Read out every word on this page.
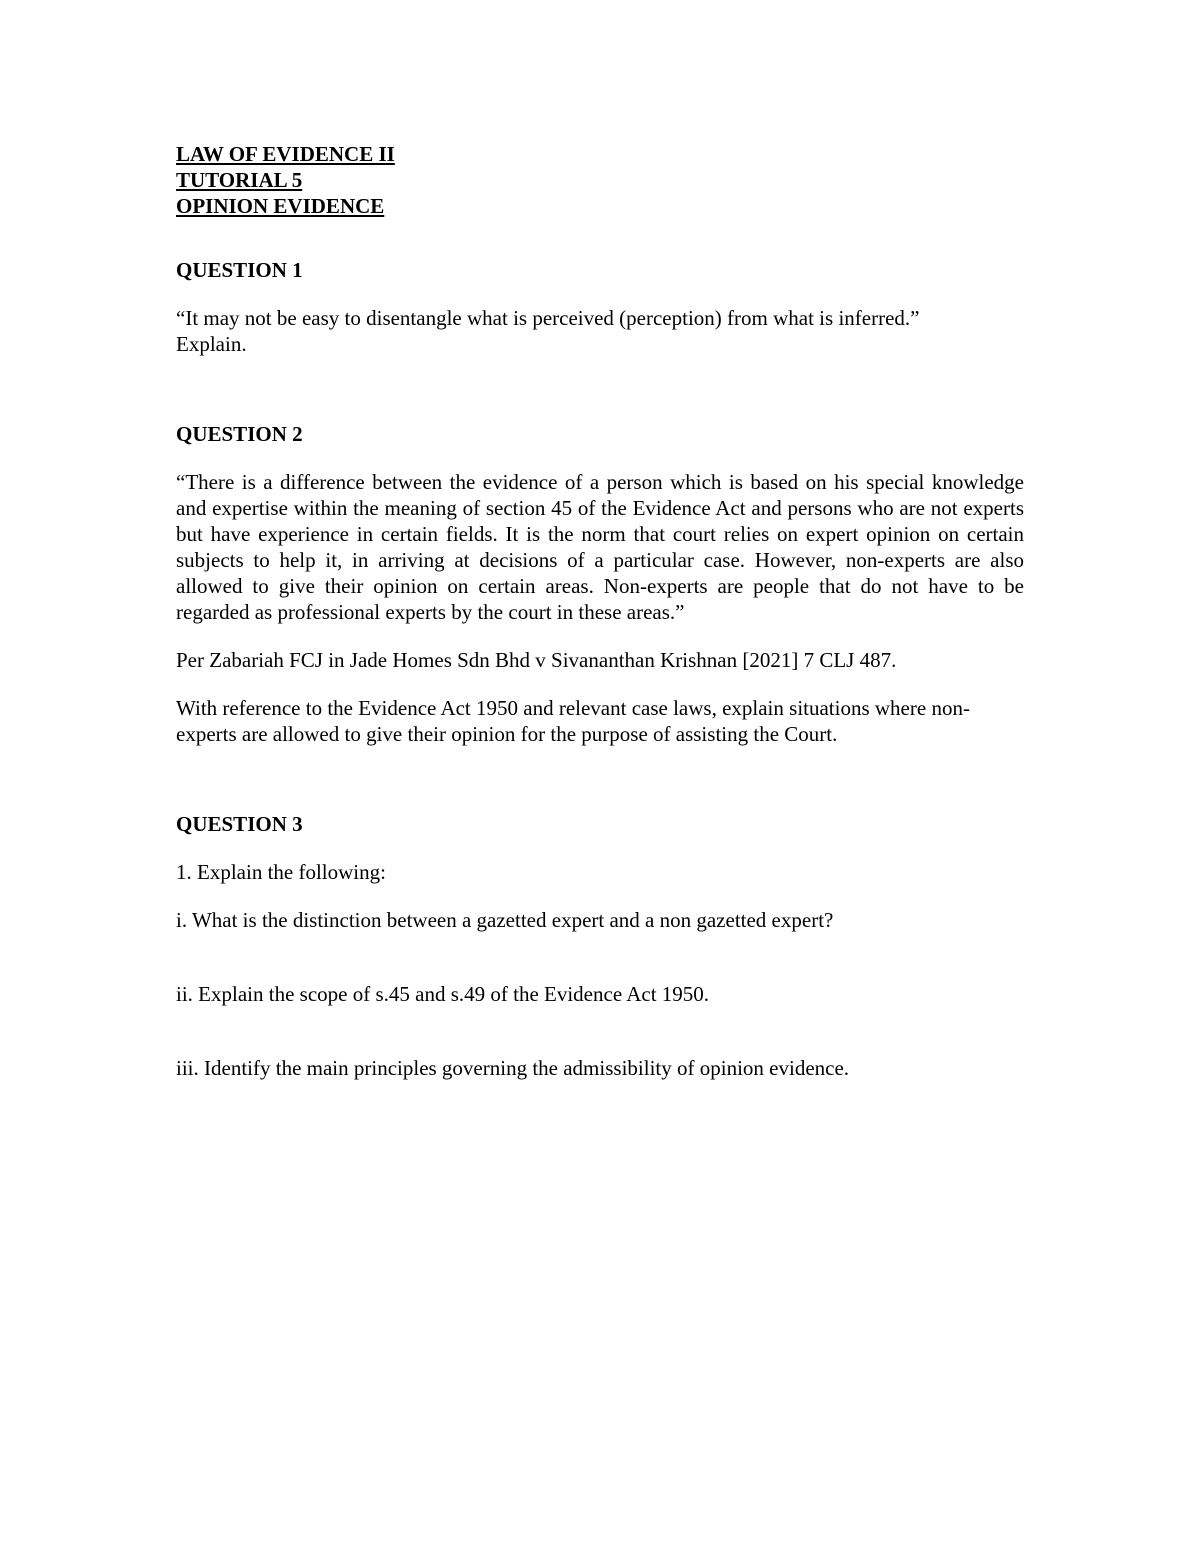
LAW OF EVIDENCE II

TUTORIAL 5

OPINION EVIDENCE

QUESTION 1

“It may not be easy to disentangle what is perceived (perception) from what is inferred.”

Explain.

QUESTION 2

“There is a difference between the evidence of a person which is based on his special knowledge and expertise within the meaning of section 45 of the Evidence Act and persons who are not experts but have experience in certain fields. It is the norm that court relies on expert opinion on certain subjects to help it, in arriving at decisions of a particular case. However, non-experts are also allowed to give their opinion on certain areas. Non-experts are people that do not have to be regarded as professional experts by the court in these areas.”

Per Zabariah FCJ in Jade Homes Sdn Bhd v Sivananthan Krishnan [2021] 7 CLJ 487.

With reference to the Evidence Act 1950 and relevant case laws, explain situations where non-experts are allowed to give their opinion for the purpose of assisting the Court.

QUESTION 3

1. Explain the following:

i. What is the distinction between a gazetted expert and a non gazetted expert?

ii. Explain the scope of s.45 and s.49 of the Evidence Act 1950.

iii. Identify the main principles governing the admissibility of opinion evidence.
